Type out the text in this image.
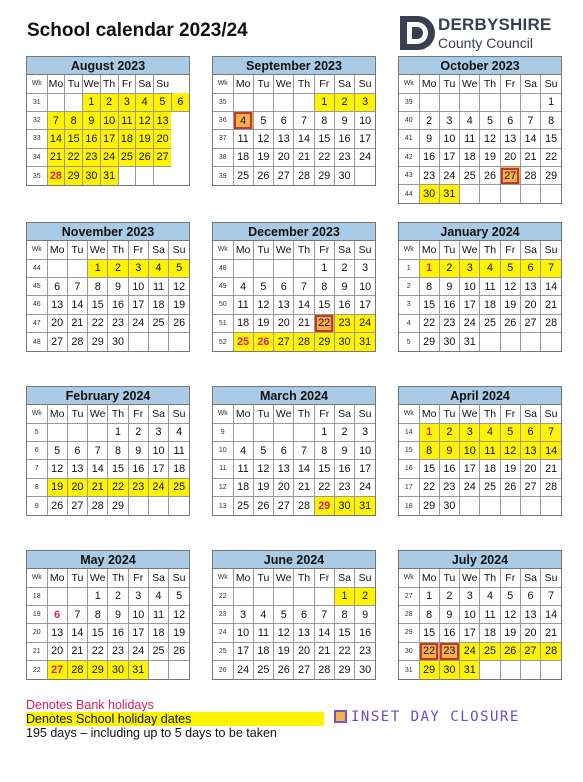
School calendar 2023/24	DERBYSHIRE
County Council
August 2023
Wk	Mo	Tu	We	Th	Fr	Sa	Su	
31			1	2	3	4	5	6
32	7	8	9	10	11	12	13	
33	14	15	16	17	18	19	20	
34	21	22	23	24	25	26	27	
35	28	29	30	31				
September 2023
Wk	Mo	Tu	We	Th	Fr	Sa	Su
35					1	2	3
36	4	5	6	7	8	9	10
37	11	12	13	14	15	16	17
38	18	19	20	21	22	23	24
39	25	26	27	28	29	30	
October 2023
Wk	Mo	Tu	We	Th	Fr	Sa	Su
39							1
40	2	3	4	5	6	7	8
41	9	10	11	12	13	14	15
42	16	17	18	19	20	21	22
43	23	24	25	26	27	28	29
44	30	31					
November 2023
Wk	Mo	Tu	We	Th	Fr	Sa	Su
44			1	2	3	4	5
45	6	7	8	9	10	11	12
46	13	14	15	16	17	18	19
47	20	21	22	23	24	25	26
48	27	28	29	30			
December 2023
Wk	Mo	Tu	We	Th	Fr	Sa	Su
48					1	2	3
49	4	5	6	7	8	9	10
50	11	12	13	14	15	16	17
51	18	19	20	21	22	23	24
52	25	26	27	28	29	30	31
January 2024
Wk	Mo	Tu	We	Th	Fr	Sa	Su
1	1	2	3	4	5	6	7
2	8	9	10	11	12	13	14
3	15	16	17	18	19	20	21
4	22	23	24	25	26	27	28
5	29	30	31				
February 2024
Wk	Mo	Tu	We	Th	Fr	Sa	Su
5				1	2	3	4
6	5	6	7	8	9	10	11
7	12	13	14	15	16	17	18
8	19	20	21	22	23	24	25
9	26	27	28	29			
March 2024
Wk	Mo	Tu	We	Th	Fr	Sa	Su
9					1	2	3
10	4	5	6	7	8	9	10
11	11	12	13	14	15	16	17
12	18	19	20	21	22	23	24
13	25	26	27	28	29	30	31
April 2024
Wk	Mo	Tu	We	Th	Fr	Sa	Su
14	1	2	3	4	5	6	7
15	8	9	10	11	12	13	14
16	15	16	17	18	19	20	21
17	22	23	24	25	26	27	28
18	29	30					
May 2024
Wk	Mo	Tu	We	Th	Fr	Sa	Su
18			1	2	3	4	5
19	6	7	8	9	10	11	12
20	13	14	15	16	17	18	19
21	20	21	22	23	24	25	26
22	27	28	29	30	31		
June 2024
Wk	Mo	Tu	We	Th	Fr	Sa	Su
22						1	2
23	3	4	5	6	7	8	9
24	10	11	12	13	14	15	16
25	17	18	19	20	21	22	23
26	24	25	26	27	28	29	30
July 2024
Wk	Mo	Tu	We	Th	Fr	Sa	Su
27	1	2	3	4	5	6	7
28	8	9	10	11	12	13	14
29	15	16	17	18	19	20	21
30	22	23	24	25	26	27	28
31	29	30	31				
Denotes Bank holidays
Denotes School holiday dates
195 days – including up to 5 days to be taken
INSET DAY CLOSURE
